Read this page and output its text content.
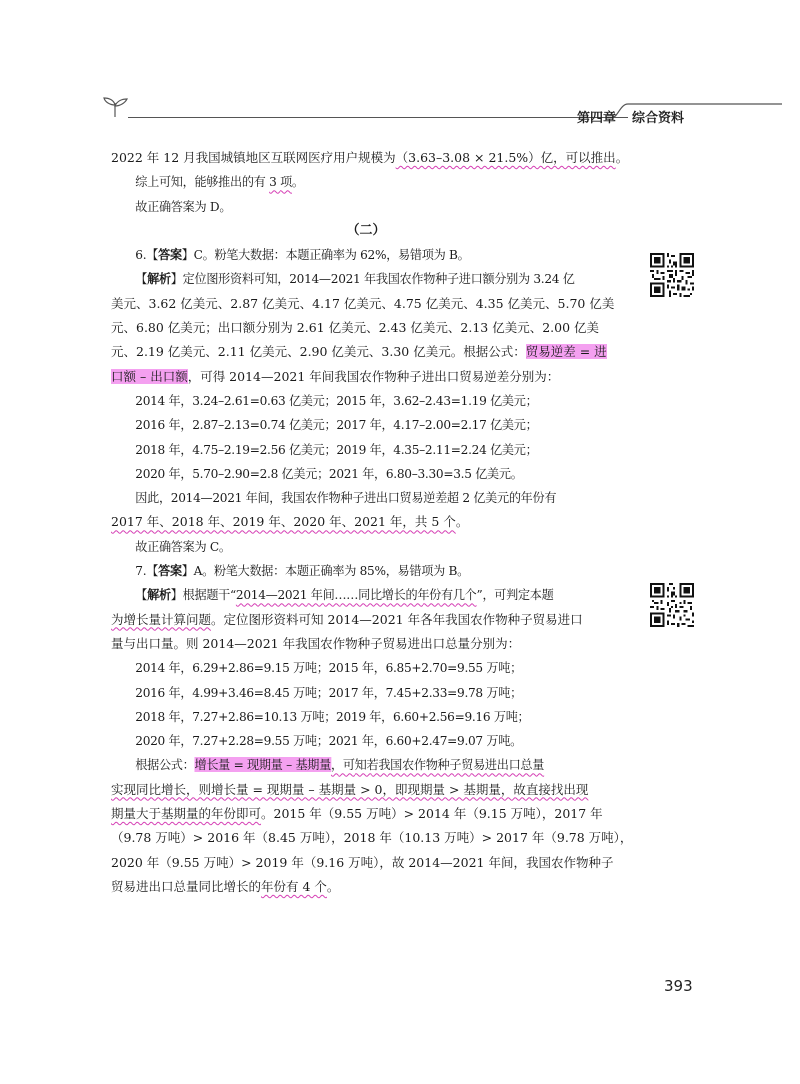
第四章 综合资料

2022 年 12 月我国城镇地区互联网医疗用户规模为（3.63–3.08 × 21.5%）亿，可以推出。

综上可知，能够推出的有 3 项。

故正确答案为 D。

（二）

6.【答案】C。粉笔大数据：本题正确率为 62%，易错项为 B。

【解析】定位图形资料可知，2014—2021 年我国农作物种子进口额分别为 3.24 亿

美元、3.62 亿美元、2.87 亿美元、4.17 亿美元、4.75 亿美元、4.35 亿美元、5.70 亿美

元、6.80 亿美元；出口额分别为 2.61 亿美元、2.43 亿美元、2.13 亿美元、2.00 亿美

元、2.19 亿美元、2.11 亿美元、2.90 亿美元、3.30 亿美元。根据公式：贸易逆差 = 进

口额 – 出口额，可得 2014—2021 年间我国农作物种子进出口贸易逆差分别为：

2014 年，3.24–2.61=0.63 亿美元；2015 年，3.62–2.43=1.19 亿美元；

2016 年，2.87–2.13=0.74 亿美元；2017 年，4.17–2.00=2.17 亿美元；

2018 年，4.75–2.19=2.56 亿美元；2019 年，4.35–2.11=2.24 亿美元；

2020 年，5.70–2.90=2.8 亿美元；2021 年，6.80–3.30=3.5 亿美元。

因此，2014—2021 年间，我国农作物种子进出口贸易逆差超 2 亿美元的年份有

2017 年、2018 年、2019 年、2020 年、2021 年，共 5 个。

故正确答案为 C。

7.【答案】A。粉笔大数据：本题正确率为 85%，易错项为 B。

【解析】根据题干“2014—2021 年间……同比增长的年份有几个”，可判定本题

为增长量计算问题。定位图形资料可知 2014—2021 年各年我国农作物种子贸易进口

量与出口量。则 2014—2021 年我国农作物种子贸易进出口总量分别为：

2014 年，6.29+2.86=9.15 万吨；2015 年，6.85+2.70=9.55 万吨；

2016 年，4.99+3.46=8.45 万吨；2017 年，7.45+2.33=9.78 万吨；

2018 年，7.27+2.86=10.13 万吨；2019 年，6.60+2.56=9.16 万吨；

2020 年，7.27+2.28=9.55 万吨；2021 年，6.60+2.47=9.07 万吨。

根据公式：增长量 = 现期量 – 基期量，可知若我国农作物种子贸易进出口总量

实现同比增长，则增长量 = 现期量 – 基期量 > 0，即现期量 > 基期量，故直接找出现

期量大于基期量的年份即可。2015 年（9.55 万吨）> 2014 年（9.15 万吨），2017 年

（9.78 万吨）> 2016 年（8.45 万吨），2018 年（10.13 万吨）> 2017 年（9.78 万吨），

2020 年（9.55 万吨）> 2019 年（9.16 万吨），故 2014—2021 年间，我国农作物种子

贸易进出口总量同比增长的年份有 4 个。

393
